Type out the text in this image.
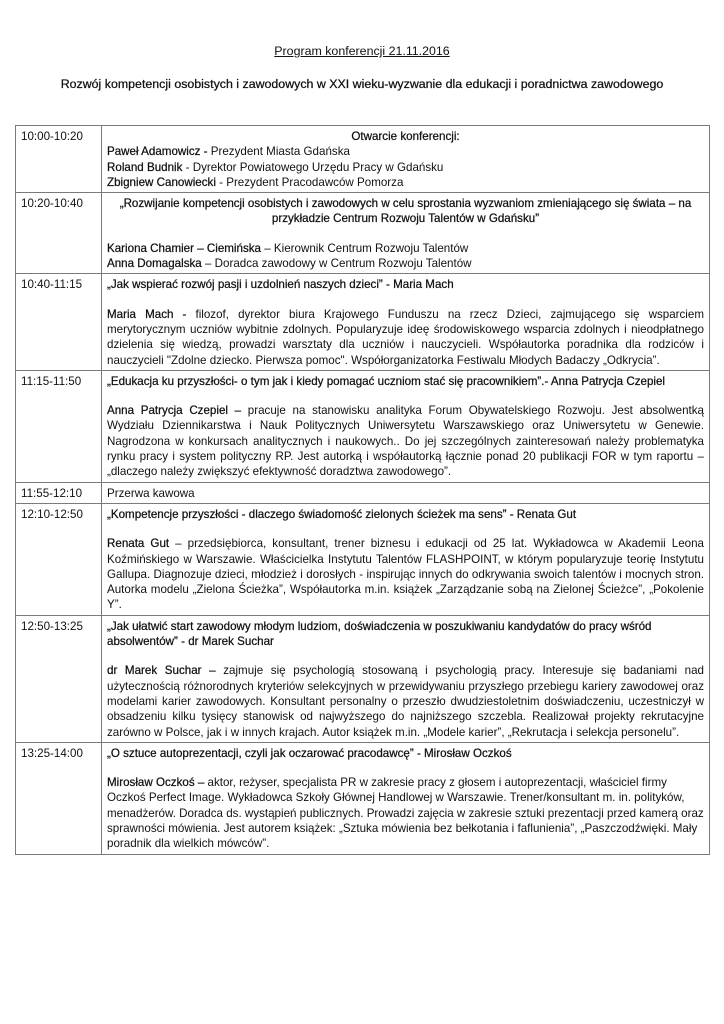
Program konferencji 21.11.2016
Rozwój kompetencji osobistych i zawodowych w XXI wieku-wyzwanie dla edukacji i poradnictwa zawodowego
10:00-10:20	Otwarcie konferencji:
Paweł Adamowicz - Prezydent Miasta Gdańska
Roland Budnik - Dyrektor Powiatowego Urzędu Pracy w Gdańsku
Zbigniew Canowiecki - Prezydent Pracodawców Pomorza

10:20-10:40	„Rozwijanie kompetencji osobistych i zawodowych w celu sprostania wyzwaniom zmieniającego się świata – na przykładzie Centrum Rozwoju Talentów w Gdańsku”
Kariona Chamier – Ciemińska – Kierownik Centrum Rozwoju Talentów
Anna Domagalska – Doradca zawodowy w Centrum Rozwoju Talentów

10:40-11:15	„Jak wspierać rozwój pasji i uzdolnień naszych dzieci” - Maria Mach
Maria Mach - filozof, dyrektor biura Krajowego Funduszu na rzecz Dzieci, zajmującego się wsparciem merytorycznym uczniów wybitnie zdolnych. Popularyzuje ideę środowiskowego wsparcia zdolnych i nieodpłatnego dzielenia się wiedzą, prowadzi warsztaty dla uczniów i nauczycieli. Współautorka poradnika dla rodziców i nauczycieli "Zdolne dziecko. Pierwsza pomoc". Współorganizatorka Festiwalu Młodych Badaczy „Odkrycia”.

11:15-11:50	„Edukacja ku przyszłości- o tym jak i kiedy pomagać uczniom stać się pracownikiem”.- Anna Patrycja Czepiel
Anna Patrycja Czepiel – pracuje na stanowisku analityka Forum Obywatelskiego Rozwoju. Jest absolwentką Wydziału Dziennikarstwa i Nauk Politycznych Uniwersytetu Warszawskiego oraz Uniwersytetu w Genewie. Nagrodzona w konkursach analitycznych i naukowych.. Do jej szczególnych zainteresowań należy problematyka rynku pracy i system polityczny RP. Jest autorką i współautorką łącznie ponad 20 publikacji FOR w tym raportu – „dlaczego należy zwiększyć efektywność doradztwa zawodowego”.

11:55-12:10	Przerwa kawowa

12:10-12:50	„Kompetencje przyszłości - dlaczego świadomość zielonych ścieżek ma sens” - Renata Gut
Renata Gut – przedsiębiorca, konsultant, trener biznesu i edukacji od 25 lat. Wykładowca w Akademii Leona Koźmińskiego w Warszawie. Właścicielka Instytutu Talentów FLASHPOINT, w którym popularyzuje teorię Instytutu Gallupa. Diagnozuje dzieci, młodzież i dorosłych - inspirując innych do odkrywania swoich talentów i mocnych stron. Autorka modelu „Zielona Ścieżka”, Współautorka m.in. książek „Zarządzanie sobą na Zielonej Ścieżce”, „Pokolenie Y”.

12:50-13:25	„Jak ułatwić start zawodowy młodym ludziom, doświadczenia w poszukiwaniu kandydatów do pracy wśród absolwentów” - dr Marek Suchar
dr Marek Suchar – zajmuje się psychologią stosowaną i psychologią pracy. Interesuje się badaniami nad użytecznością różnorodnych kryteriów selekcyjnych w przewidywaniu przyszłego przebiegu kariery zawodowej oraz modelami karier zawodowych. Konsultant personalny o przeszło dwudziestoletnim doświadczeniu, uczestniczył w obsadzeniu kilku tysięcy stanowisk od najwyższego do najniższego szczebla. Realizował projekty rekrutacyjne zarówno w Polsce, jak i w innych krajach. Autor książek m.in. „Modele karier”, „Rekrutacja i selekcja personelu”.

13:25-14:00	„O sztuce autoprezentacji, czyli jak oczarować pracodawcę” - Mirosław Oczkoś
Mirosław Oczkoś – aktor, reżyser, specjalista PR w zakresie pracy z głosem i autoprezentacji, właściciel firmy Oczkoś Perfect Image. Wykładowca Szkoły Głównej Handlowej w Warszawie. Trener/konsultant m. in. polityków, menadżerów. Doradca ds. wystąpień publicznych. Prowadzi zajęcia w zakresie sztuki prezentacji przed kamerą oraz sprawności mówienia. Jest autorem książek: „Sztuka mówienia bez bełkotania i faflunienia”, „Paszczodźwięki. Mały poradnik dla wielkich mówców”.
